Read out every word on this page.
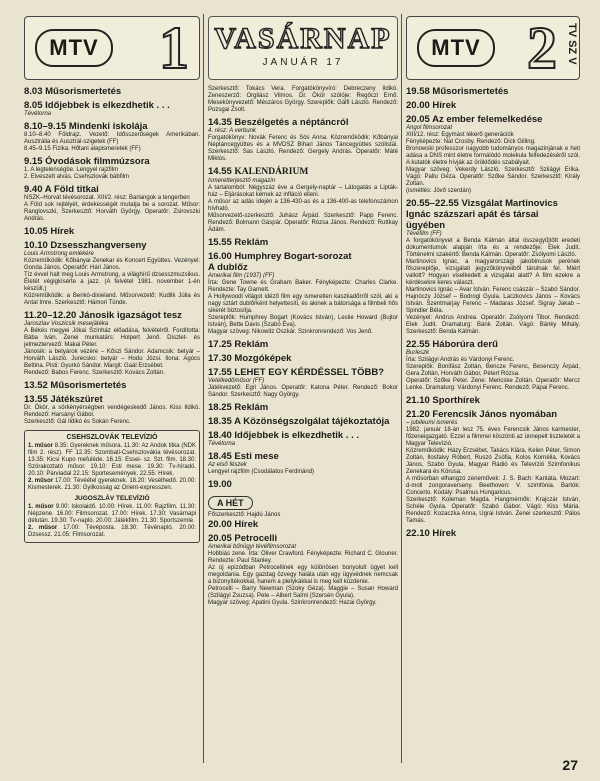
MTV 1
8.03 Műsorismertetés
8.05 Időjebbek is elkezdhetik . . .
Tévétorna
8.10–9.15 Mindenki iskolája
8.10–8.40 Földrajz. Vezető: Idősszerűségek Amerikában. Ausztrália és Ausztrál-szigetek (FF)
8.45–9.15 Fizika. Hőtani alapismeretek (FF)
9.15 Óvodások filmmúzsora
1. A legtelenségbe. Lengyel rajzfilm
2. Elveszett alvás. Csehszlovák bábfilm
9.40 A Föld titkai
NSZK–Horvát tévésorozat. XIII/2. rész: Barlangok a tengerben
A Föld sok rejtélyét, érdekességét mutatja be a sorozat. Műsor: Ranglovszki, Szerkesztő: Horváth György. Operatőr: Zsirovszki András.
10.05 Hírek
10.10 Dzsesszhangverseny
Louis Armstrong emlékére
Közreműködik: Kőbányai Zenekar és Koncert Együttes. Vezényel: Gonda János. Operatőr: Hári János.
Tíz évvel halt meg Louis Armstrong, a világhírű dzsesszmuzsikus. Életét végigkísérte a jazz. (A felvétel 1981. november 1-én készült.)
Közreműködik: a Benkó-dixieland. Műsorvezető: Kudlik Júlia és Antal Imre. Szerkesztő: Hámori Tünde.
11.20–12.20 Jánosik igazságot tesz
Jaroszlav Voszicsik mesejátéka
A Békés megyei Jókai Színház előadása, felvételről. Fordította: Bába Iván. Zenei munkatárs: Holpert Jenő. Díszlet- és jelmeztervező: Makai Péter.
Jánosik: a betyárok vezére – Kőszi Sándor. Adamcsik: betyár – Horváth László. Jurecsko: betyár – Hodu Józsi. Ilona: Agócs Bettina. Pisti: Gyurkó Sándor. Margit: Gaál Erzsébet.
Rendező: Babos Ferenc. Szerkesztő: Kovács Zoltán.
13.52 Műsorismertetés
13.55 Játékszüret
Dr. Ökör, a sörkényérségben vendégeskedő János. Kiss Ildikó. Rendező: Harsányi Gábor.
Szerkesztő: Gál Ildikó és Sokán Ferenc.
CSEHSZLOVÁK TELEVÍZIÓ
1. műsor 8.35: Gyereknek műsora. 11.30: Az Andok titka (NDK film 2. rész). FF 12.35: Szombati-Csehszlovákia tévésorozat. 13.35: Kicsi Kupo mefuléde. 16.15: Essei- sz. Szt. film. 18.30: Szórakoztató műsor. 19.10: Esti mese. 19.30: Tv-híradó. 20.10: Párviadal 22.15: Sportesemények. 22.55: Hírek.
2. műsor 17.00: Tévéétel gyereknek. 18.20: Vesélhedő. 20.00: Kismesterek. 21.30: Gyilkosság az Orient-expresszen.
JUGOSZLÁV TELEVÍZIÓ
1. műsor 9.00: Iskolaidő. 10.00: Hírek. 11.00: Rajzfilm. 11.30: Népzene. 16.00: Filmsorozat. 17.00: Hírek. 17.30: Vasárnapi délután. 19.30: Tv-napló. 20.00: Játékfilm. 21.30: Sportszemle.
2. műsor 17.00: Tévéposta. 18.30: Tévénapló. 20.00: Dzsessz. 21.05: Filmsorozat.
VASÁRNAP
JANUÁR 17
Szerkesztő: Tokács Vera. Forgatókönyvíró: Debreczeny Ildikó. Zeneszerző: Orgliász Vilmos. Dr. Ökör szólóje: Regőczi Ernő. Mesekönyvezető: Mészáros György. Szereplők: Gálfi László. Rendező: Pozsgai Zsolt.
14.35 Beszélgetés a néptáncról
4. rész: A verbunk
Forgatókönyv: Novák Ferenc és Sós Anna. Közreműködik: Kőbányai Néptáncegyüttes és a MVDSZ Bihari János Táncegyüttes szólistái. Szerkesztő: Sas László. Rendező: Gergely András. Operatőr: Máté Miklós.
14.55 KALENDÁRIUM
Ismeretterjesztő magazin
A tartalomból: Négyszáz éve a Gergely-naptár – Látogatás a Lipták-ház – Eljárásokat kérnek az infláció elleni.
A műsor az adás idején a 136-430-as és a 136-400-as telefonszámon hívható.
Műsorvezető-szerkesztő: Juhász Árpád. Szerkesztő: Papp Ferenc. Rendező: Bolmann Gáspár. Operatőr: Rózsa János. Rendező: Ruttkay Ádám.
15.55 Reklám
16.00 Humphrey Bogart-sorozat
A dublőz
Amerikai film (1937) (FF)
Írta: Gene Towne és Graham Baker. Fényképezte: Charles Clarke. Rendezte: Tay Garnett.
A Hollywoodi világot idéző film egy ismeretlen kaszkadőrről szól, aki a nagy sztárt dublőrként helyettesíti, és akinek a bátorsága a filmbeli hős sikerét biztosítja.
Szereplők: Humphrey Bogart (Kovács István), Leslie Howard (Bujtor István), Bette Davis (Szabó Éva).
Magyar szöveg: Nikowitz Oszkár. Szinkronrendező: Vos Jenő.
17.25 Reklám
17.30 Mozgóképek
17.55 LEHET EGY KÉRDÉSSEL TÖBB?
Vetélkedőműsor (FF)
Játékvezető: Egri János. Operatőr: Katona Péter. Rendező: Bokor Sándor. Szerkesztő: Nagy György.
18.25 Reklám
18.35 A Közönségszolgálat tájékoztatója
18.40 Időjebbek is elkezdhetik . . .
Tévétorna
18.45 Esti mese
Az első fészek
Lengyel rajzfilm (Csodálatos Ferdinánd)
19.00
A HÉT
Főszerkesztő: Hajdú János
20.00 Hírek
20.05 Petrocelli
Amerikai bűnügyi tévéfilmsorozat
Hobbiás zene. Írta: Oliver Crawford. Fényképezte: Richard C. Glouner. Rendezte: Paul Stanley.
Az új epizódban Petrocellinek egy különösen bonyolult ügyet kell megoldania. Egy gazdag özvegy halála után egy ügyvédnek nemcsak a bizonyítékokkal, hanem a pletykákkal is meg kell küzdenie.
Petrocelli – Barry Newman (Szoky Géza). Maggie – Susan Howard (Szilágyi Zsuzsa). Pete – Albert Salmi (Szersén Gyula).
Magyar szöveg: Apatini Gyula. Szinkronrendező: Hazai György.
MTV 2 TV SZ V
19.58 Műsorismertetés
20.00 Hírek
20.05 Az ember felemelkedése
Angol filmsorozat
XIII/12. rész: Egymást lékerő generációk
Fényképezte: Nat Crosby. Rendező: Dick Gilling.
Bronowski professzor nagyobb tudományos magazinjának e heti adása a DNS mint életre formálódó molekula felfedezéséről szól. A kutatók életre hívják az öröklődés szabályait.
Magyar szöveg: Vekerdy László. Szerkesztő: Szilágyi Erika. Vágó: Pallu Géza. Operatőr: Szőke Sándor. Szerkesztő: Király Zoltán.
(ismétlés: Jövő szerdán)
20.55–22.55 Vizsgálat Martinovics Ignác százszari apát és társai ügyében
Tévéfilm (FF)
A forgatókönyvet a Benda Kálmán által összegyűjtött eredeti dokumentumok alapján írta és a rendezője: Elek Judit. Történelmi szakértő: Benda Kálmán. Operatőr: Zsólyomi László.
Martinovics Ignác, a magyarországi jakobinusok perének főszereplője, vizsgálati jegyzőkönyveiből tárulnak fel. Miért vallott? Hogyan viselkedett a vizsgálat alatt? A film ezekre a kérdésekre keres választ.
Martinovics Ignác – Avar István. Ferenc császár – Szabó Sándor. Hajnóczy József – Bodrogi Gyula. Laczkovics János – Kovács István. Szentmarjay Ferenc – Madaras József. Sigray Jakab – Spindler Béla.
Vezényel: Andrus Andrea. Operatőr: Zsólyomi Tibor. Rendező: Elek Judit. Dramaturg: Bánk Zoltán. Vágó: Bánky Mihály. Szerkesztő: Benda Kálmán.
22.55 Háborúra derű
Burleszk
Írta: Szilágyi András és Várdonyi Ferenc.
Szereplők: Bonifász Zoltán, Bencze Ferenc, Besenczy Árpád, Gera Zoltán, Horváth Gábor, Pétert Rózsa.
Operatőr: Szőke Péter. Zene: Mericske Zoltán. Operatőr: Mercz Lenke. Dramaturg: Várdonyi Ferenc. Rendező: Pápai Ferenc.
21.10 Sporthírek
21.20 Ferencsik János nyomában
– jubileumi ismerés
1982. január 18-án lesz 75. éves Ferencsik János karmester, főzeneigazgató. Ezzel a filmmel köszönti az ünnepelt tiszteletét a Magyar Televízió.
Közreműködik: Házy Erzsébet, Takács Klára, Kelen Péter, Simon Zoltán, Ilosfalvy Róbert, Ruszó Zsófia, Kolos Kornélia, Kovács János, Szabó Gyula, Magyar Rádió és Televízió Szimfonikus Zenekara és Kórusa.
A műsorban elhangzó zeneművek: J. S. Bach: Kantáta. Mozart: d-moll zongoraverseny. Beethoven: V. szimfónia. Bartók: Concerto. Kodály: Psalmus Hungaricus.
Szerkesztő: Koleman Magda. Hangmérnők: Krajczár István, Schéle Gyula. Operatőr: Szabó Gábor. Vágó: Kiss Mária. Rendező: Kozaczka Anna, Ugrai István. Zenei szerkesztő: Pálos Tamás.
22.10 Hírek
27
